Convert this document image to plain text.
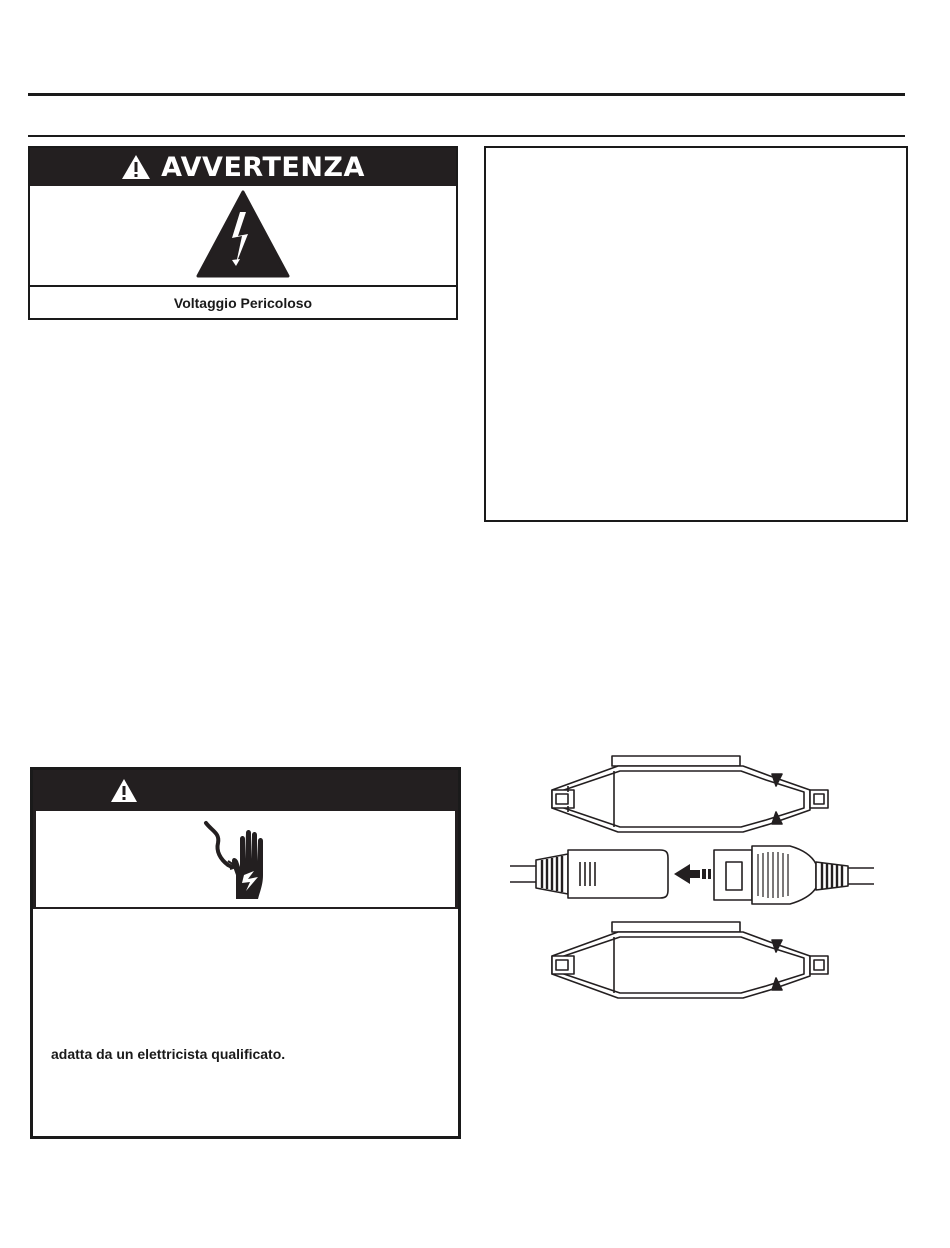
AVVERTENZA
Voltaggio Pericoloso
adatta da un elettricista qualificato.
